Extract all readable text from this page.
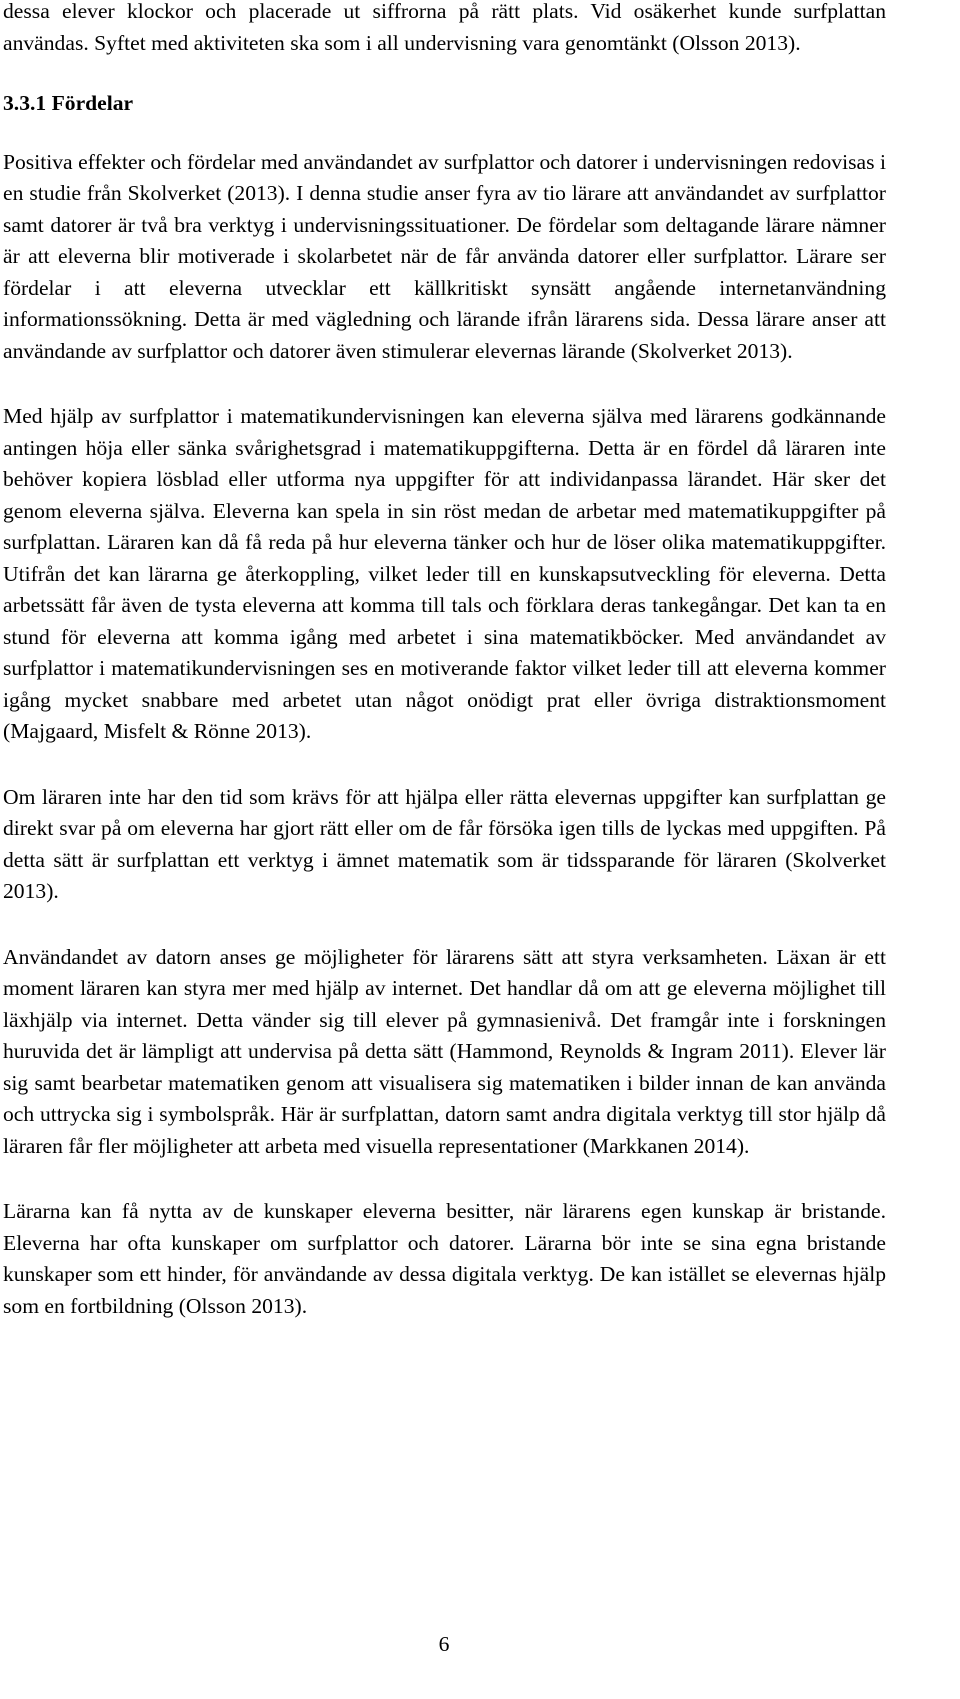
dessa elever klockor och placerade ut siffrorna på rätt plats. Vid osäkerhet kunde surfplattan användas. Syftet med aktiviteten ska som i all undervisning vara genomtänkt (Olsson 2013).

3.3.1 Fördelar

Positiva effekter och fördelar med användandet av surfplattor och datorer i undervisningen redovisas i en studie från Skolverket (2013). I denna studie anser fyra av tio lärare att användandet av surfplattor samt datorer är två bra verktyg i undervisningssituationer. De fördelar som deltagande lärare nämner är att eleverna blir motiverade i skolarbetet när de får använda datorer eller surfplattor. Lärare ser fördelar i att eleverna utvecklar ett källkritiskt synsätt angående internetanvändning informationssökning. Detta är med vägledning och lärande ifrån lärarens sida. Dessa lärare anser att användande av surfplattor och datorer även stimulerar elevernas lärande (Skolverket 2013).

Med hjälp av surfplattor i matematikundervisningen kan eleverna själva med lärarens godkännande antingen höja eller sänka svårighetsgrad i matematikuppgifterna. Detta är en fördel då läraren inte behöver kopiera lösblad eller utforma nya uppgifter för att individanpassa lärandet. Här sker det genom eleverna själva. Eleverna kan spela in sin röst medan de arbetar med matematikuppgifter på surfplattan. Läraren kan då få reda på hur eleverna tänker och hur de löser olika matematikuppgifter. Utifrån det kan lärarna ge återkoppling, vilket leder till en kunskapsutveckling för eleverna. Detta arbetssätt får även de tysta eleverna att komma till tals och förklara deras tankegångar. Det kan ta en stund för eleverna att komma igång med arbetet i sina matematikböcker. Med användandet av surfplattor i matematikundervisningen ses en motiverande faktor vilket leder till att eleverna kommer igång mycket snabbare med arbetet utan något onödigt prat eller övriga distraktionsmoment (Majgaard, Misfelt & Rönne 2013).

Om läraren inte har den tid som krävs för att hjälpa eller rätta elevernas uppgifter kan surfplattan ge direkt svar på om eleverna har gjort rätt eller om de får försöka igen tills de lyckas med uppgiften. På detta sätt är surfplattan ett verktyg i ämnet matematik som är tidssparande för läraren (Skolverket 2013).

Användandet av datorn anses ge möjligheter för lärarens sätt att styra verksamheten. Läxan är ett moment läraren kan styra mer med hjälp av internet. Det handlar då om att ge eleverna möjlighet till läxhjälp via internet. Detta vänder sig till elever på gymnasienivå. Det framgår inte i forskningen huruvida det är lämpligt att undervisa på detta sätt (Hammond, Reynolds & Ingram 2011). Elever lär sig samt bearbetar matematiken genom att visualisera sig matematiken i bilder innan de kan använda och uttrycka sig i symbolspråk. Här är surfplattan, datorn samt andra digitala verktyg till stor hjälp då läraren får fler möjligheter att arbeta med visuella representationer (Markkanen 2014).

Lärarna kan få nytta av de kunskaper eleverna besitter, när lärarens egen kunskap är bristande. Eleverna har ofta kunskaper om surfplattor och datorer. Lärarna bör inte se sina egna bristande kunskaper som ett hinder, för användande av dessa digitala verktyg. De kan istället se elevernas hjälp som en fortbildning (Olsson 2013).

6
